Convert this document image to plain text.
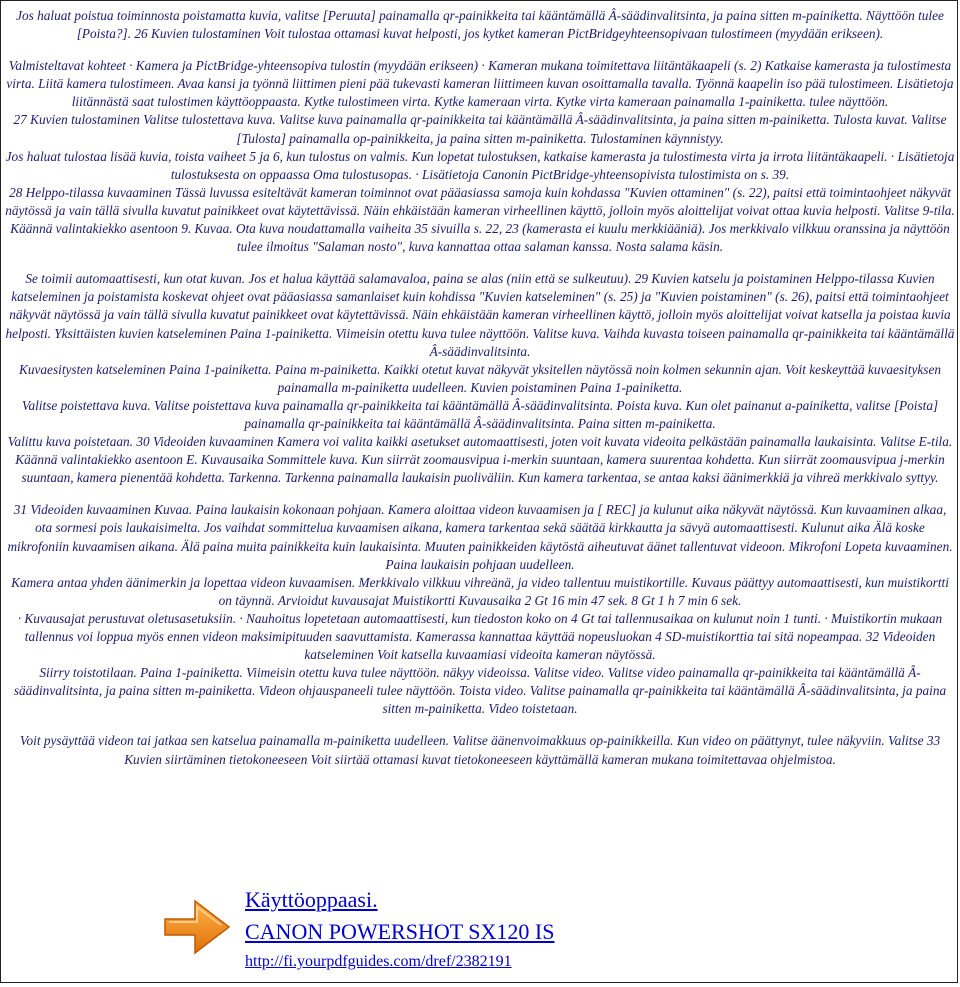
Jos haluat poistua toiminnosta poistamatta kuvia, valitse [Peruuta] painamalla qr-painikkeita tai kääntämällä Â-säädinvalitsinta, ja paina sitten m-painiketta. Näyttöön tulee [Poista?]. 26 Kuvien tulostaminen Voit tulostaa ottamasi kuvat helposti, jos kytket kameran PictBridgeyhteensopivaan tulostimeen (myydään erikseen).

Valmisteltavat kohteet · Kamera ja PictBridge-yhteensopiva tulostin (myydään erikseen) · Kameran mukana toimitettava liitäntäkaapeli (s. 2) Katkaise kamerasta ja tulostimesta virta. Liitä kamera tulostimeen. Avaa kansi ja työnnä liittimen pieni pää tukevasti kameran liittimeen kuvan osoittamalla tavalla. Työnnä kaapelin iso pää tulostimeen. Lisätietoja liitännästä saat tulostimen käyttöoppaasta. Kytke tulostimeen virta. Kytke kameraan virta. Kytke virta kameraan painamalla 1-painiketta. tulee näyttöön.

27 Kuvien tulostaminen Valitse tulostettava kuva. Valitse kuva painamalla qr-painikkeita tai kääntämällä Â-säädinvalitsinta, ja paina sitten m-painiketta. Tulosta kuvat. Valitse [Tulosta] painamalla op-painikkeita, ja paina sitten m-painiketta. Tulostaminen käynnistyy.

Jos haluat tulostaa lisää kuvia, toista vaiheet 5 ja 6, kun tulostus on valmis. Kun lopetat tulostuksen, katkaise kamerasta ja tulostimesta virta ja irrota liitäntäkaapeli. · Lisätietoja tulostuksesta on oppaassa Oma tulostusopas. · Lisätietoja Canonin PictBridge-yhteensopivista tulostimista on s. 39.

28 Helppo-tilassa kuvaaminen Tässä luvussa esiteltävät kameran toiminnot ovat pääasiassa samoja kuin kohdassa "Kuvien ottaminen" (s. 22), paitsi että toimintaohjeet näkyvät näytössä ja vain tällä sivulla kuvatut painikkeet ovat käytettävissä. Näin ehkäistään kameran virheellinen käyttö, jolloin myös aloittelijat voivat ottaa kuvia helposti. Valitse 9-tila. Käännä valintakiekko asentoon 9. Kuvaa. Ota kuva noudattamalla vaiheita 35 sivuilla s. 22, 23 (kamerasta ei kuulu merkkiääniä). Jos merkkivalo vilkkuu oranssina ja näyttöön tulee ilmoitus "Salaman nosto", kuva kannattaa ottaa salaman kanssa. Nosta salama käsin.

Se toimii automaattisesti, kun otat kuvan. Jos et halua käyttää salamavaloa, paina se alas (niin että se sulkeutuu). 29 Kuvien katselu ja poistaminen Helppo-tilassa Kuvien katseleminen ja poistamista koskevat ohjeet ovat pääasiassa samanlaiset kuin kohdissa "Kuvien katseleminen" (s. 25) ja "Kuvien poistaminen" (s. 26), paitsi että toimintaohjeet näkyvät näytössä ja vain tällä sivulla kuvatut painikkeet ovat käytettävissä. Näin ehkäistään kameran virheellinen käyttö, jolloin myös aloittelijat voivat katsella ja poistaa kuvia helposti. Yksittäisten kuvien katseleminen Paina 1-painiketta. Viimeisin otettu kuva tulee näyttöön. Valitse kuva. Vaihda kuvasta toiseen painamalla qr-painikkeita tai kääntämällä Â-säädinvalitsinta.

Kuvaesitysten katseleminen Paina 1-painiketta. Paina m-painiketta. Kaikki otetut kuvat näkyvät yksitellen näytössä noin kolmen sekunnin ajan. Voit keskeyttää kuvaesityksen painamalla m-painiketta uudelleen. Kuvien poistaminen Paina 1-painiketta.

Valitse poistettava kuva. Valitse poistettava kuva painamalla qr-painikkeita tai kääntämällä Â-säädinvalitsinta. Poista kuva. Kun olet painanut a-painiketta, valitse [Poista] painamalla qr-painikkeita tai kääntämällä Â-säädinvalitsinta. Paina sitten m-painiketta.

Valittu kuva poistetaan. 30 Videoiden kuvaaminen Kamera voi valita kaikki asetukset automaattisesti, joten voit kuvata videoita pelkästään painamalla laukaisinta. Valitse E-tila. Käännä valintakiekko asentoon E. Kuvausaika Sommittele kuva. Kun siirrät zoomausvipua i-merkin suuntaan, kamera suurentaa kohdetta. Kun siirrät zoomausvipua j-merkin suuntaan, kamera pienentää kohdetta. Tarkenna. Tarkenna painamalla laukaisin puoliväliin. Kun kamera tarkentaa, se antaa kaksi äänimerkkiä ja vihreä merkkivalo syttyy.

31 Videoiden kuvaaminen Kuvaa. Paina laukaisin kokonaan pohjaan. Kamera aloittaa videon kuvaamisen ja [ REC] ja kulunut aika näkyvät näytössä. Kun kuvaaminen alkaa, ota sormesi pois laukaisimelta. Jos vaihdat sommittelua kuvaamisen aikana, kamera tarkentaa sekä säätää kirkkautta ja sävyä automaattisesti. Kulunut aika Älä koske mikrofoniin kuvaamisen aikana. Älä paina muita painikkeita kuin laukaisinta. Muuten painikkeiden käytöstä aiheutuvat äänet tallentuvat videoon. Mikrofoni Lopeta kuvaaminen. Paina laukaisin pohjaan uudelleen.

Kamera antaa yhden äänimerkin ja lopettaa videon kuvaamisen. Merkkivalo vilkkuu vihreänä, ja video tallentuu muistikortille. Kuvaus päättyy automaattisesti, kun muistikortti on täynnä. Arvioidut kuvausajat Muistikortti Kuvausaika 2 Gt 16 min 47 sek. 8 Gt 1 h 7 min 6 sek.

· Kuvausajat perustuvat oletusasetuksiin. · Nauhoitus lopetetaan automaattisesti, kun tiedoston koko on 4 Gt tai tallennusaikaa on kulunut noin 1 tunti. · Muistikortin mukaan tallennus voi loppua myös ennen videon maksimipituuden saavuttamista. Kamerassa kannattaa käyttää nopeusluokan 4 SD-muistikorttia tai sitä nopeampaa. 32 Videoiden katseleminen Voit katsella kuvaamiasi videoita kameran näytössä.

Siirry toistotilaan. Paina 1-painiketta. Viimeisin otettu kuva tulee näyttöön. näkyy videoissa. Valitse video. Valitse video painamalla qr-painikkeita tai kääntämällä Â-säädinvalitsinta, ja paina sitten m-painiketta. Videon ohjauspaneeli tulee näyttöön. Toista video. Valitse painamalla qr-painikkeita tai kääntämällä Â-säädinvalitsinta, ja paina sitten m-painiketta. Video toistetaan.

Voit pysäyttää videon tai jatkaa sen katselua painamalla m-painiketta uudelleen. Valitse äänenvoimakkuus op-painikkeilla. Kun video on päättynyt, tulee näkyviin. Valitse 33 Kuvien siirtäminen tietokoneeseen Voit siirtää ottamasi kuvat tietokoneeseen käyttämällä kameran mukana toimitettavaa ohjelmistoa.

Käyttöoppaasi.
CANON POWERSHOT SX120 IS
http://fi.yourpdfguides.com/dref/2382191
